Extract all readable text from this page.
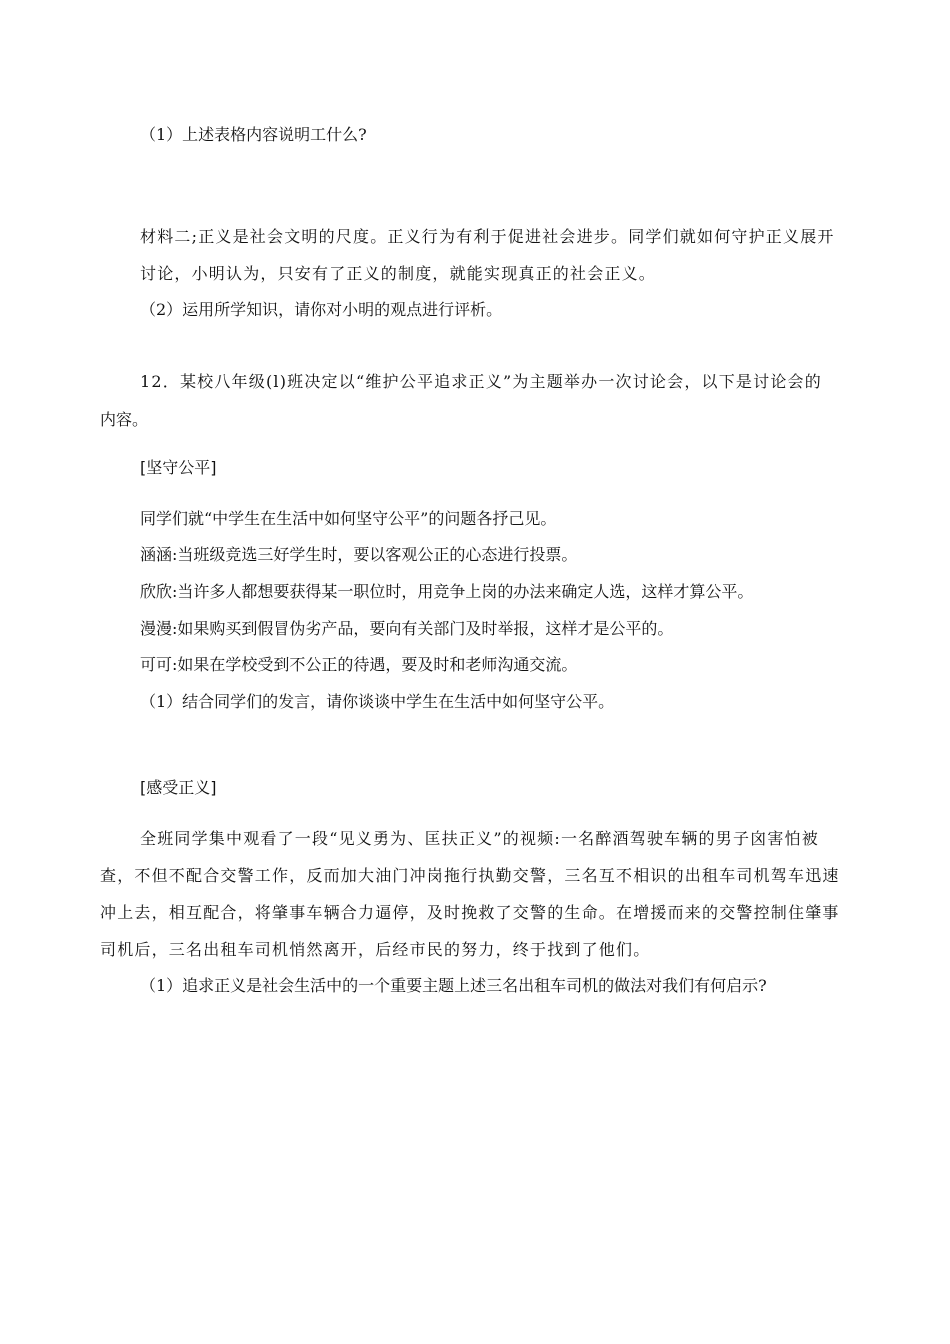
（1）上述表格内容说明工什么?
材料二;正义是社会文明的尺度。正义行为有利于促进社会进步。同学们就如何守护正义展开
讨论，小明认为，只安有了正义的制度，就能实现真正的社会正义。
（2）运用所学知识，请你对小明的观点进行评析。
12．某校八年级(l)班决定以“维护公平追求正义”为主题举办一次讨论会，以下是讨论会的
内容。
[坚守公平]
同学们就“中学生在生活中如何坚守公平”的问题各抒己见。
涵涵:当班级竞选三好学生时，要以客观公正的心态进行投票。
欣欣:当许多人都想要获得某一职位时，用竞争上岗的办法来确定人选，这样才算公平。
漫漫:如果购买到假冒伪劣产品，要向有关部门及时举报，这样才是公平的。
可可:如果在学校受到不公正的待遇，要及时和老师沟通交流。
（1）结合同学们的发言，请你谈谈中学生在生活中如何坚守公平。
[感受正义]
全班同学集中观看了一段“见义勇为、匡扶正义”的视频:一名醉酒驾驶车辆的男子囟害怕被
查，不但不配合交警工作，反而加大油门冲岗拖行执勤交警，三名互不相识的出租车司机驾车迅速
冲上去，相互配合，将肇事车辆合力逼停，及时挽救了交警的生命。在增援而来的交警控制住肇事
司机后，三名出租车司机悄然离开，后经市民的努力，终于找到了他们。
（1）追求正义是社会生活中的一个重要主题上述三名出租车司机的做法对我们有何启示?
